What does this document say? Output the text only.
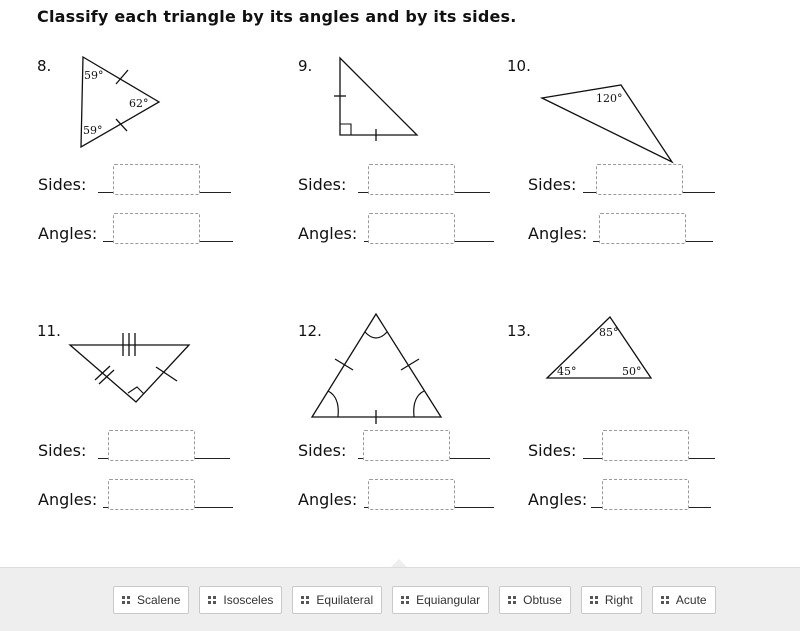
Classify each triangle by its angles and by its sides.
8.
59°
62°
59°
9.	10.
120°
11.	12.	13.	85°
45°	50°
Sides:
Angles:
Sides:
Angles:
Sides:
Angles:
Sides:
Angles:
Sides:
Angles:
Sides:
Angles:
Scalene	Isosceles	Equilateral	Equiangular	Obtuse	Right	Acute
